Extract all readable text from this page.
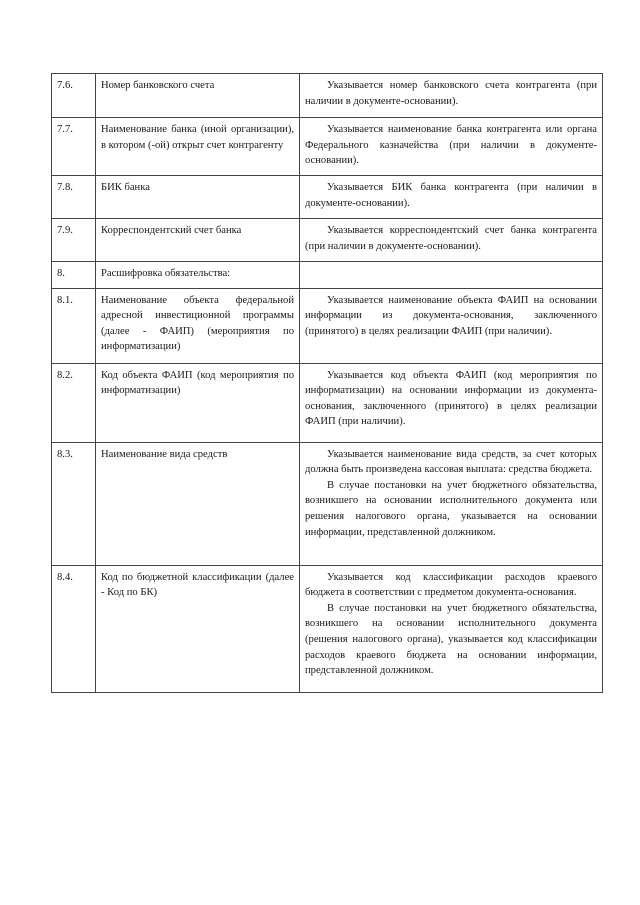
7.6.	Номер банковского счета	Указывается номер банковского счета контрагента (при наличии в документе-основании).

7.7.	Наименование банка (иной организации), в котором (-ой) открыт счет контрагенту	Указывается наименование банка контрагента или органа Федерального казначейства (при наличии в документе-основании).

7.8.	БИК банка	Указывается БИК банка контрагента (при наличии в документе-основании).

7.9.	Корреспондентский счет банка	Указывается корреспондентский счет банка контрагента (при наличии в документе-основании).

8.	Расшифровка обязательства:	

8.1.	Наименование объекта федеральной адресной инвестиционной программы (далее - ФАИП) (мероприятия по информатизации)	Указывается наименование объекта ФАИП на основании информации из документа-основания, заключенного (принятого) в целях реализации ФАИП (при наличии).

8.2.	Код объекта ФАИП (код мероприятия по информатизации)	Указывается код объекта ФАИП (код мероприятия по информатизации) на основании информации из документа-основания, заключенного (принятого) в целях реализации ФАИП (при наличии).

8.3.	Наименование вида средств	Указывается наименование вида средств, за счет которых должна быть произведена кассовая выплата: средства бюджета.
В случае постановки на учет бюджетного обязательства, возникшего на основании исполнительного документа или решения налогового органа, указывается на основании информации, представленной должником.

8.4.	Код по бюджетной классификации (далее - Код по БК)	Указывается код классификации расходов краевого бюджета в соответствии с предметом документа-основания.
В случае постановки на учет бюджетного обязательства, возникшего на основании исполнительного документа (решения налогового органа), указывается код классификации расходов краевого бюджета на основании информации, представленной должником.
